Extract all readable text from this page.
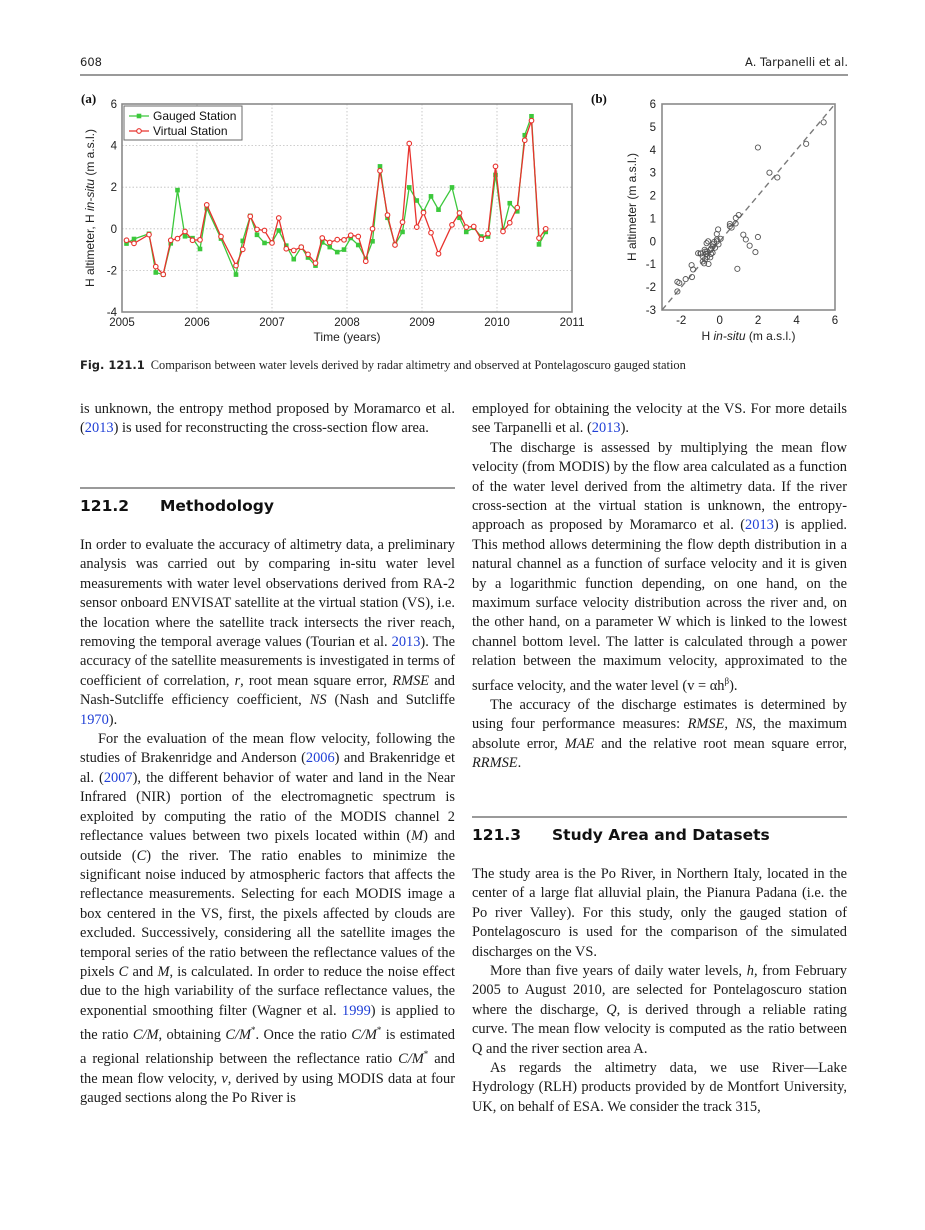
608	A. Tarpanelli et al.
2005	2006	2007	2008	2009	2010	2011
-4
-2
0
2
4
6
Time (years)
H altimeter, H in-situ (m a.s.l.)
(a)
Gauged Station
Virtual Station
-2	0	2	4	6
-3
-2
-1
0
1
2
3
4
5
6
H in-situ (m a.s.l.)
H altimeter (m a.s.l.)
(b)
Fig. 121.1 Comparison between water levels derived by radar altimetry and observed at Pontelagoscuro gauged station

is unknown, the entropy method proposed by Moramarco et al. (2013) is used for reconstructing the cross-section flow area.

121.2 Methodology

In order to evaluate the accuracy of altimetry data, a preliminary analysis was carried out by comparing in-situ water level measurements with water level observations derived from RA-2 sensor onboard ENVISAT satellite at the virtual station (VS), i.e. the location where the satellite track intersects the river reach, removing the temporal average values (Tourian et al. 2013). The accuracy of the satellite measurements is investigated in terms of coefficient of correlation, r, root mean square error, RMSE and Nash-Sutcliffe efficiency coefficient, NS (Nash and Sutcliffe 1970).

For the evaluation of the mean flow velocity, following the studies of Brakenridge and Anderson (2006) and Brakenridge et al. (2007), the different behavior of water and land in the Near Infrared (NIR) portion of the electromagnetic spectrum is exploited by computing the ratio of the MODIS channel 2 reflectance values between two pixels located within (M) and outside (C) the river. The ratio enables to minimize the significant noise induced by atmospheric factors that affects the reflectance measurements. Selecting for each MODIS image a box centered in the VS, first, the pixels affected by clouds are excluded. Successively, considering all the satellite images the temporal series of the ratio between the reflectance values of the pixels C and M, is calculated. In order to reduce the noise effect due to the high variability of the surface reflectance values, the exponential smoothing filter (Wagner et al. 1999) is applied to the ratio C/M, obtaining C/M*. Once the ratio C/M* is estimated a regional relationship between the reflectance ratio C/M* and the mean flow velocity, v, derived by using MODIS data at four gauged sections along the Po River is

employed for obtaining the velocity at the VS. For more details see Tarpanelli et al. (2013).

The discharge is assessed by multiplying the mean flow velocity (from MODIS) by the flow area calculated as a function of the water level derived from the altimetry data. If the river cross-section at the virtual station is unknown, the entropy-approach as proposed by Moramarco et al. (2013) is applied. This method allows determining the flow depth distribution in a natural channel as a function of surface velocity and it is given by a logarithmic function depending, on one hand, on the maximum surface velocity distribution across the river and, on the other hand, on a parameter W which is linked to the lowest channel bottom level. The latter is calculated through a power relation between the maximum velocity, approximated to the surface velocity, and the water level $(v = \alpha h^\beta)$.

The accuracy of the discharge estimates is determined by using four performance measures: RMSE, NS, the maximum absolute error, MAE and the relative root mean square error, RRMSE.

121.3 Study Area and Datasets

The study area is the Po River, in Northern Italy, located in the center of a large flat alluvial plain, the Pianura Padana (i.e. the Po river Valley). For this study, only the gauged station of Pontelagoscuro is used for the comparison of the simulated discharges on the VS.

More than five years of daily water levels, h, from February 2005 to August 2010, are selected for Pontelagoscuro station where the discharge, Q, is derived through a reliable rating curve. The mean flow velocity is computed as the ratio between Q and the river section area A.

As regards the altimetry data, we use River—Lake Hydrology (RLH) products provided by de Montfort University, UK, on behalf of ESA. We consider the track 315,
